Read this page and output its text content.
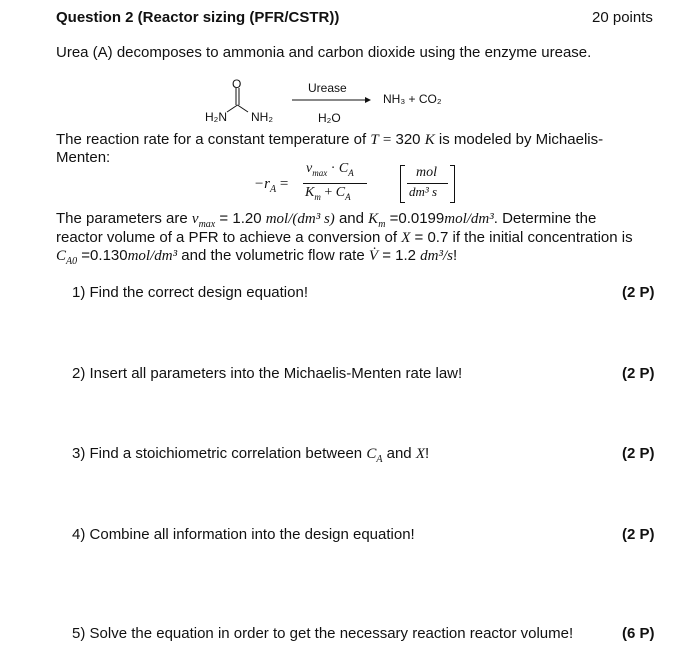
Question 2 (Reactor sizing (PFR/CSTR))	20 points
Urea (A) decomposes to ammonia and carbon dioxide using the enzyme urease.
O
H₂N NH₂
Urease
H₂O
NH₃ + CO₂
The reaction rate for a constant temperature of T = 320 K is modeled by Michaelis-
Menten:
$-r_A$ =
$v_{max} \cdot C_A$
$K_m + C_A$
mol
dm³ s
The parameters are $v_{max} = 1.20$ mol/(dm³ s) and $K_m =0.0199mol/dm^3$. Determine the
reactor volume of a PFR to achieve a conversion of X = 0.7 if the initial concentration is
$C_{A0} =0.130mol/dm^3$ and the volumetric flow rate V̇ = 1.2 dm³/s!
1) Find the correct design equation!	(2 P)
2) Insert all parameters into the Michaelis-Menten rate law!	(2 P)
3) Find a stoichiometric correlation between $C_A$ and X!	(2 P)
4) Combine all information into the design equation!	(2 P)
5) Solve the equation in order to get the necessary reaction reactor volume!	(6 P)
